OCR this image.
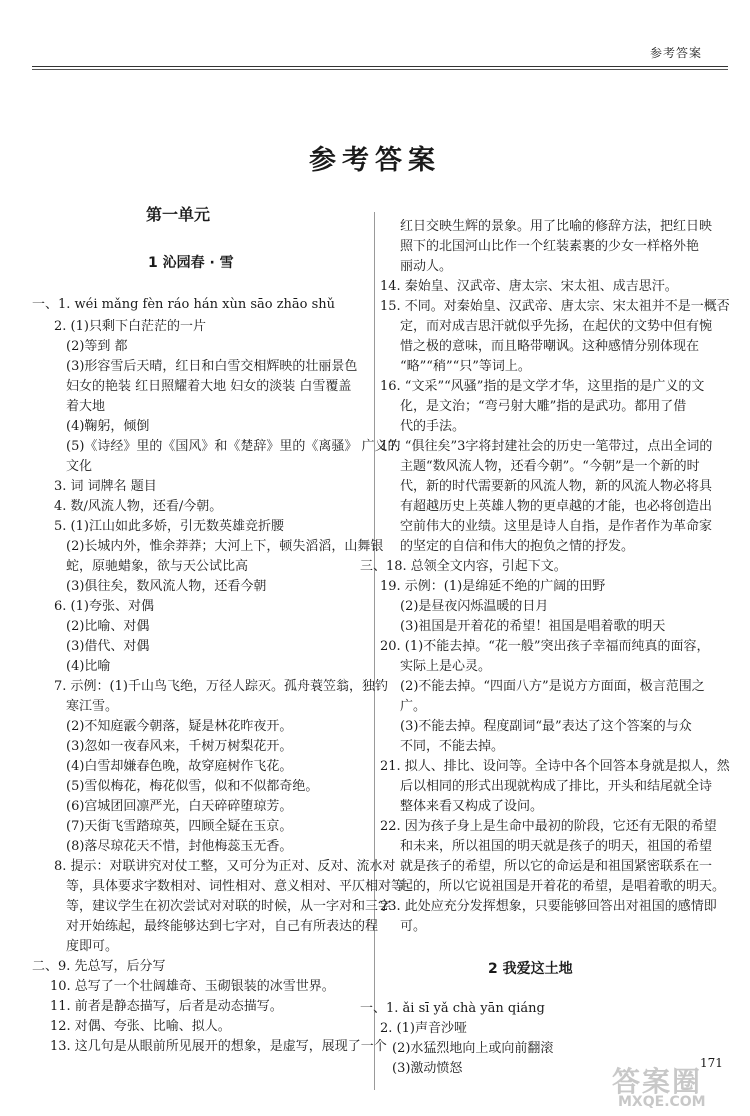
参考答案
参考答案
第一单元
1 沁园春 · 雪
一、1. wéi mǎng fèn ráo hán xùn sāo zhāo shǔ
2. (1)只剩下白茫茫的一片
(2)等到 都
(3)形容雪后天晴，红日和白雪交相辉映的壮丽景色
妇女的艳装 红日照耀着大地 妇女的淡装 白雪覆盖
着大地
(4)鞠躬，倾倒
(5)《诗经》里的《国风》和《楚辞》里的《离骚》 广义的
文化
3. 词 词牌名 题目
4. 数/风流人物，还看/今朝。
5. (1)江山如此多娇，引无数英雄竞折腰
(2)长城内外，惟余莽莽；大河上下，顿失滔滔，山舞银
蛇，原驰蜡象，欲与天公试比高
(3)俱往矣，数风流人物，还看今朝
6. (1)夸张、对偶
(2)比喻、对偶
(3)借代、对偶
(4)比喻
7. 示例：(1)千山鸟飞绝，万径人踪灭。孤舟蓑笠翁，独钓
寒江雪。
(2)不知庭霰今朝落，疑是林花昨夜开。
(3)忽如一夜春风来，千树万树梨花开。
(4)白雪却嫌春色晚，故穿庭树作飞花。
(5)雪似梅花，梅花似雪，似和不似都奇绝。
(6)宫城团回凛严光，白天碎碎堕琼芳。
(7)天街飞雪踏琼英，四顾全疑在玉京。
(8)落尽琼花天不惜，封他梅蕊玉无香。
8. 提示：对联讲究对仗工整，又可分为正对、反对、流水对
等，具体要求字数相对、词性相对、意义相对、平仄相对等
等，建议学生在初次尝试对对联的时候，从一字对和三字
对开始练起，最终能够达到七字对，自己有所表达的程
度即可。
二、9. 先总写，后分写
10. 总写了一个壮阔雄奇、玉砌银装的冰雪世界。
11. 前者是静态描写，后者是动态描写。
12. 对偶、夸张、比喻、拟人。
13. 这几句是从眼前所见展开的想象，是虚写，展现了一个
红日交映生辉的景象。用了比喻的修辞方法，把红日映
照下的北国河山比作一个红装素裹的少女一样格外艳
丽动人。
14. 秦始皇、汉武帝、唐太宗、宋太祖、成吉思汗。
15. 不同。对秦始皇、汉武帝、唐太宗、宋太祖并不是一概否
定，而对成吉思汗就似乎先扬，在起伏的文势中但有惋
惜之极的意味，而且略带嘲讽。这种感情分别体现在
“略”“稍”“只”等词上。
16. “文采”“风骚”指的是文学才华，这里指的是广义的文
化，是文治；“弯弓射大雕”指的是武功。都用了借
代的手法。
17. “俱往矣”3字将封建社会的历史一笔带过，点出全词的
主题“数风流人物，还看今朝”。“今朝”是一个新的时
代，新的时代需要新的风流人物，新的风流人物必将具
有超越历史上英雄人物的更卓越的才能，也必将创造出
空前伟大的业绩。这里是诗人自指，是作者作为革命家
的坚定的自信和伟大的抱负之情的抒发。
三、18. 总领全文内容，引起下文。
19. 示例：(1)是绵延不绝的广阔的田野
(2)是昼夜闪烁温暖的日月
(3)祖国是开着花的希望！祖国是唱着歌的明天
20. (1)不能去掉。“花一般”突出孩子幸福而纯真的面容，
实际上是心灵。
(2)不能去掉。“四面八方”是说方方面面，极言范围之
广。
(3)不能去掉。程度副词“最”表达了这个答案的与众
不同，不能去掉。
21. 拟人、排比、设问等。全诗中各个回答本身就是拟人，然
后以相同的形式出现就构成了排比，开头和结尾就全诗
整体来看又构成了设问。
22. 因为孩子身上是生命中最初的阶段，它还有无限的希望
和未来，所以祖国的明天就是孩子的明天，祖国的希望
就是孩子的希望，所以它的命运是和祖国紧密联系在一
起的，所以它说祖国是开着花的希望，是唱着歌的明天。
23. 此处应充分发挥想象，只要能够回答出对祖国的感情即
可。
2 我爱这土地
一、1. ǎi sī yǎ chà yān qiáng
2. (1)声音沙哑
(2)水猛烈地向上或向前翻滚
(3)激动愤怒	171
答案圈
MXQE.COM
